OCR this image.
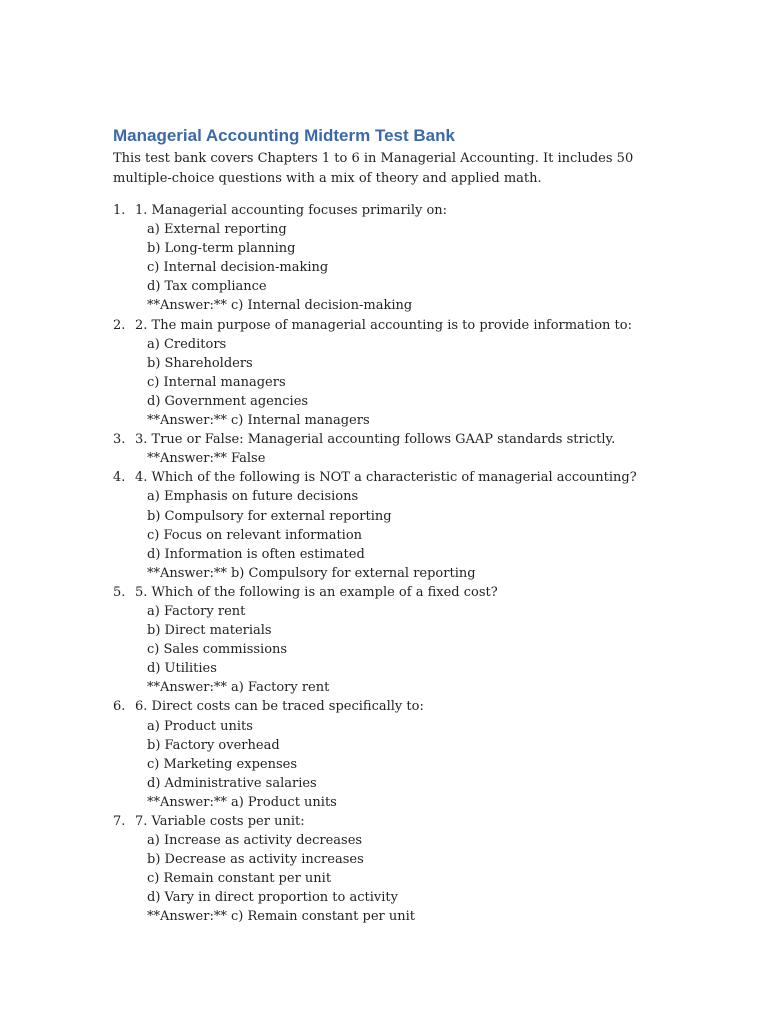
Managerial Accounting Midterm Test Bank

This test bank covers Chapters 1 to 6 in Managerial Accounting. It includes 50 multiple-choice questions with a mix of theory and applied math.

1. 1. Managerial accounting focuses primarily on:
a) External reporting
b) Long-term planning
c) Internal decision-making
d) Tax compliance
**Answer:** c) Internal decision-making
2. 2. The main purpose of managerial accounting is to provide information to:
a) Creditors
b) Shareholders
c) Internal managers
d) Government agencies
**Answer:** c) Internal managers
3. 3. True or False: Managerial accounting follows GAAP standards strictly.
**Answer:** False
4. 4. Which of the following is NOT a characteristic of managerial accounting?
a) Emphasis on future decisions
b) Compulsory for external reporting
c) Focus on relevant information
d) Information is often estimated
**Answer:** b) Compulsory for external reporting
5. 5. Which of the following is an example of a fixed cost?
a) Factory rent
b) Direct materials
c) Sales commissions
d) Utilities
**Answer:** a) Factory rent
6. 6. Direct costs can be traced specifically to:
a) Product units
b) Factory overhead
c) Marketing expenses
d) Administrative salaries
**Answer:** a) Product units
7. 7. Variable costs per unit:
a) Increase as activity decreases
b) Decrease as activity increases
c) Remain constant per unit
d) Vary in direct proportion to activity
**Answer:** c) Remain constant per unit
